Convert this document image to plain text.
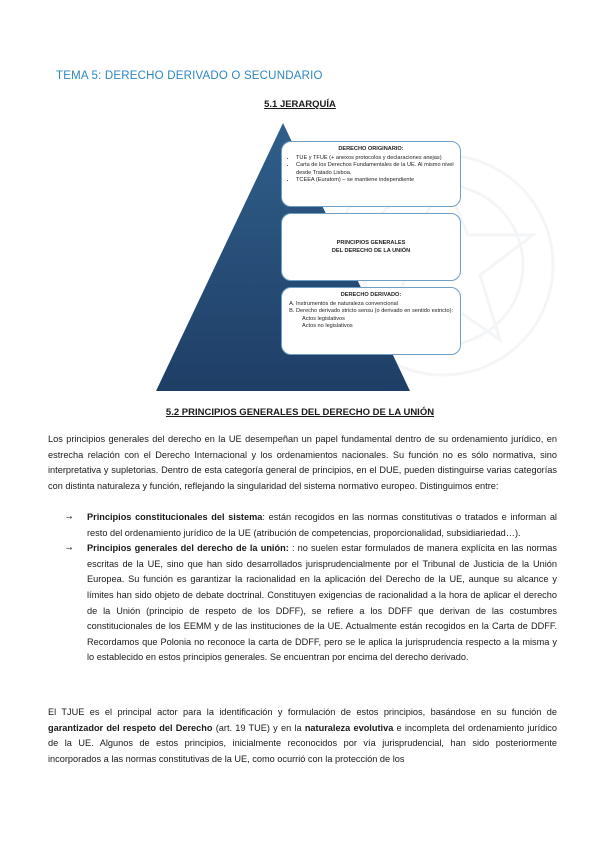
TEMA 5: DERECHO DERIVADO O SECUNDARIO
5.1 JERARQUÍA
DERECHO ORIGINARIO:
• TUE y TFUE (+ anexos protocolos y declaraciones anejas)
• Carta de los Derechos Fundamentales de la UE. Al mismo nivel desde Tratado Lisboa.
• TCEEA (Euratom) – se mantiene independiente
PRINCIPIOS GENERALES
DEL DERECHO DE LA UNIÓN
DERECHO DERIVADO:
A. Instrumentos de naturaleza convencional
B. Derecho derivado stricto sensu (o derivado en sentido estricto):
Actos legislativos
Actos no legislativos
5.2 PRINCIPIOS GENERALES DEL DERECHO DE LA UNIÓN

Los principios generales del derecho en la UE desempeñan un papel fundamental dentro de su ordenamiento jurídico, en estrecha relación con el Derecho Internacional y los ordenamientos nacionales. Su función no es sólo normativa, sino interpretativa y supletorias. Dentro de esta categoría general de principios, en el DUE, pueden distinguirse varias categorías con distinta naturaleza y función, reflejando la singularidad del sistema normativo europeo. Distinguimos entre:

➙ Principios constitucionales del sistema: están recogidos en las normas constitutivas o tratados e informan al resto del ordenamiento jurídico de la UE (atribución de competencias, proporcionalidad, subsidiariedad…).

➙ Principios generales del derecho de la unión: : no suelen estar formulados de manera explícita en las normas escritas de la UE, sino que han sido desarrollados jurisprudencialmente por el Tribunal de Justicia de la Unión Europea. Su función es garantizar la racionalidad en la aplicación del Derecho de la UE, aunque su alcance y límites han sido objeto de debate doctrinal. Constituyen exigencias de racionalidad a la hora de aplicar el derecho de la Unión (principio de respeto de los DDFF), se refiere a los DDFF que derivan de las costumbres constitucionales de los EEMM y de las instituciones de la UE. Actualmente están recogidos en la Carta de DDFF. Recordamos que Polonia no reconoce la carta de DDFF, pero se le aplica la jurisprudencia respecto a la misma y lo establecido en estos principios generales. Se encuentran por encima del derecho derivado.

El TJUE es el principal actor para la identificación y formulación de estos principios, basándose en su función de garantizador del respeto del Derecho (art. 19 TUE) y en la naturaleza evolutiva e incompleta del ordenamiento jurídico de la UE. Algunos de estos principios, inicialmente reconocidos por vía jurisprudencial, han sido posteriormente incorporados a las normas constitutivas de la UE, como ocurrió con la protección de los
